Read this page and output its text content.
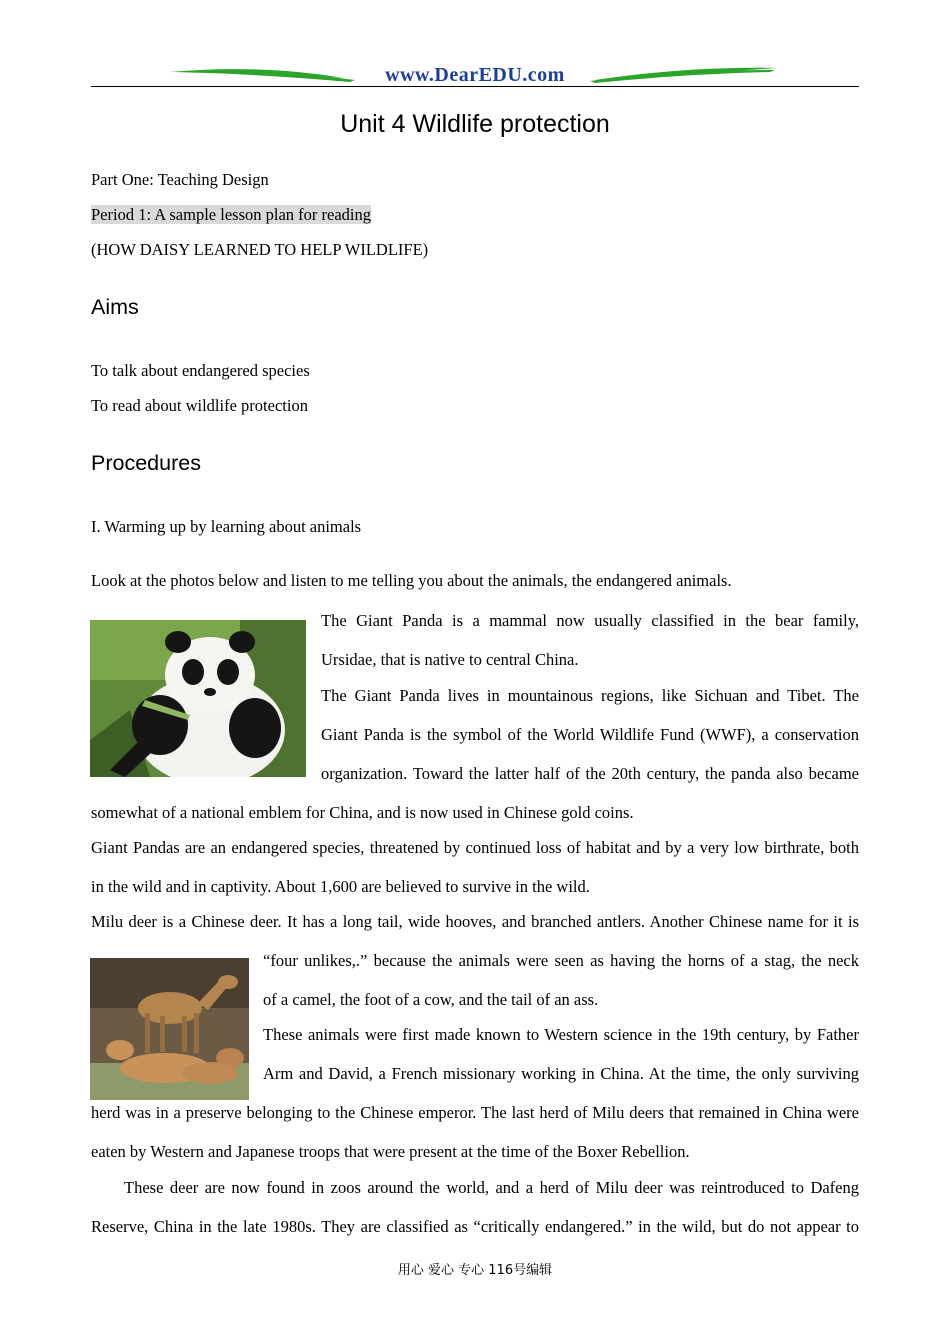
www.DearEDU.com
Unit 4 Wildlife protection
Part One: Teaching Design
Period 1: A sample lesson plan for reading
(HOW DAISY LEARNED TO HELP WILDLIFE)
Aims
To talk about endangered species
To read about wildlife protection
Procedures
I. Warming up by learning about animals
Look at the photos below and listen to me telling you about the animals, the endangered animals.
The Giant Panda is a mammal now usually classified in the bear family,
Ursidae, that is native to central China.
The Giant Panda lives in mountainous regions, like Sichuan and Tibet. The
Giant Panda is the symbol of the World Wildlife Fund (WWF), a conservation
organization. Toward the latter half of the 20th century, the panda also became
somewhat of a national emblem for China, and is now used in Chinese gold coins.
Giant Pandas are an endangered species, threatened by continued loss of habitat and by a very low birthrate, both
in the wild and in captivity. About 1,600 are believed to survive in the wild.
Milu deer is a Chinese deer. It has a long tail, wide hooves, and branched antlers. Another Chinese name for it is
“four unlikes,.” because the animals were seen as having the horns of a stag, the neck
of a camel, the foot of a cow, and the tail of an ass.
These animals were first made known to Western science in the 19th century, by Father
Arm and David, a French missionary working in China. At the time, the only surviving
herd was in a preserve belonging to the Chinese emperor. The last herd of Milu deers that remained in China were
eaten by Western and Japanese troops that were present at the time of the Boxer Rebellion.
These deer are now found in zoos around the world, and a herd of Milu deer was reintroduced to Dafeng
Reserve, China in the late 1980s. They are classified as “critically endangered.” in the wild, but do not appear to
用心 爱心 专心 116号编辑
